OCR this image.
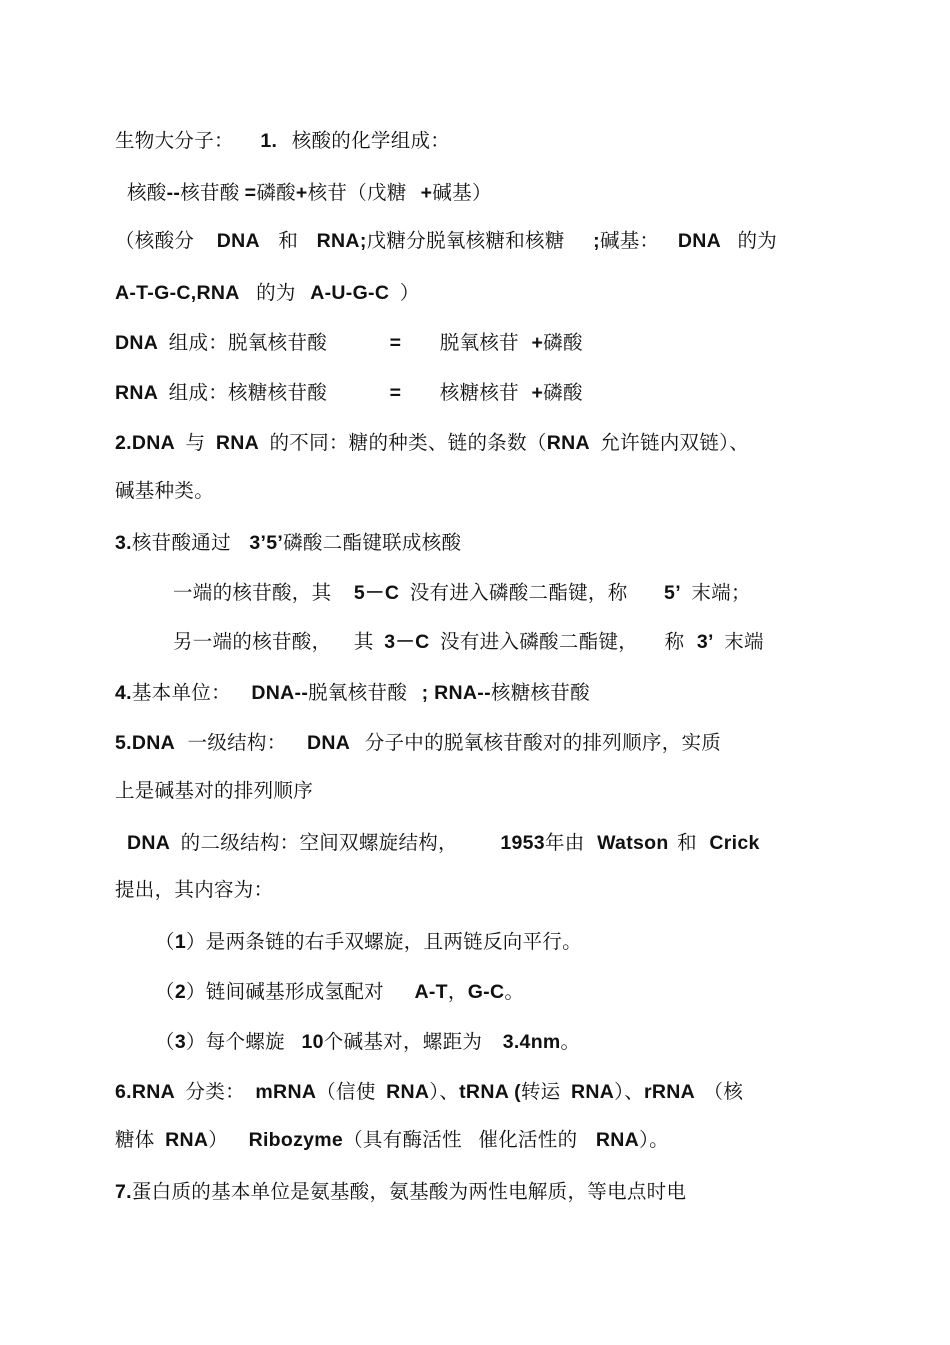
生物大分子： 1. 核酸的化学组成：
核酸--核苷酸 =磷酸+核苷（戊糖 +碱基）
（核酸分 DNA 和 RNA;戊糖分脱氧核糖和核糖 ;碱基： DNA 的为
A-T-G-C,RNA 的为 A-U-G-C ）
DNA 组成：脱氧核苷酸	= 脱氧核苷 +磷酸
RNA 组成：核糖核苷酸	= 核糖核苷 +磷酸
2.DNA 与 RNA 的不同：糖的种类、链的条数（RNA 允许链内双链）、
碱基种类。
3.核苷酸通过 3’5’磷酸二酯键联成核酸
一端的核苷酸，其 5－C 没有进入磷酸二酯键，称 5’ 末端；
另一端的核苷酸， 其 3－C 没有进入磷酸二酯键， 称 3’ 末端
4.基本单位： DNA--脱氧核苷酸 ; RNA--核糖核苷酸
5.DNA 一级结构： DNA 分子中的脱氧核苷酸对的排列顺序，实质
上是碱基对的排列顺序
DNA 的二级结构：空间双螺旋结构， 1953年由 Watson 和 Crick
提出，其内容为：
（1）是两条链的右手双螺旋，且两链反向平行。
（2）链间碱基形成氢配对 A-T，G-C。
（3）每个螺旋 10个碱基对，螺距为 3.4nm。
6.RNA 分类： mRNA（信使 RNA）、tRNA (转运 RNA）、rRNA （核
糖体 RNA） Ribozyme（具有酶活性 催化活性的 RNA）。
7.蛋白质的基本单位是氨基酸，氨基酸为两性电解质，等电点时电
